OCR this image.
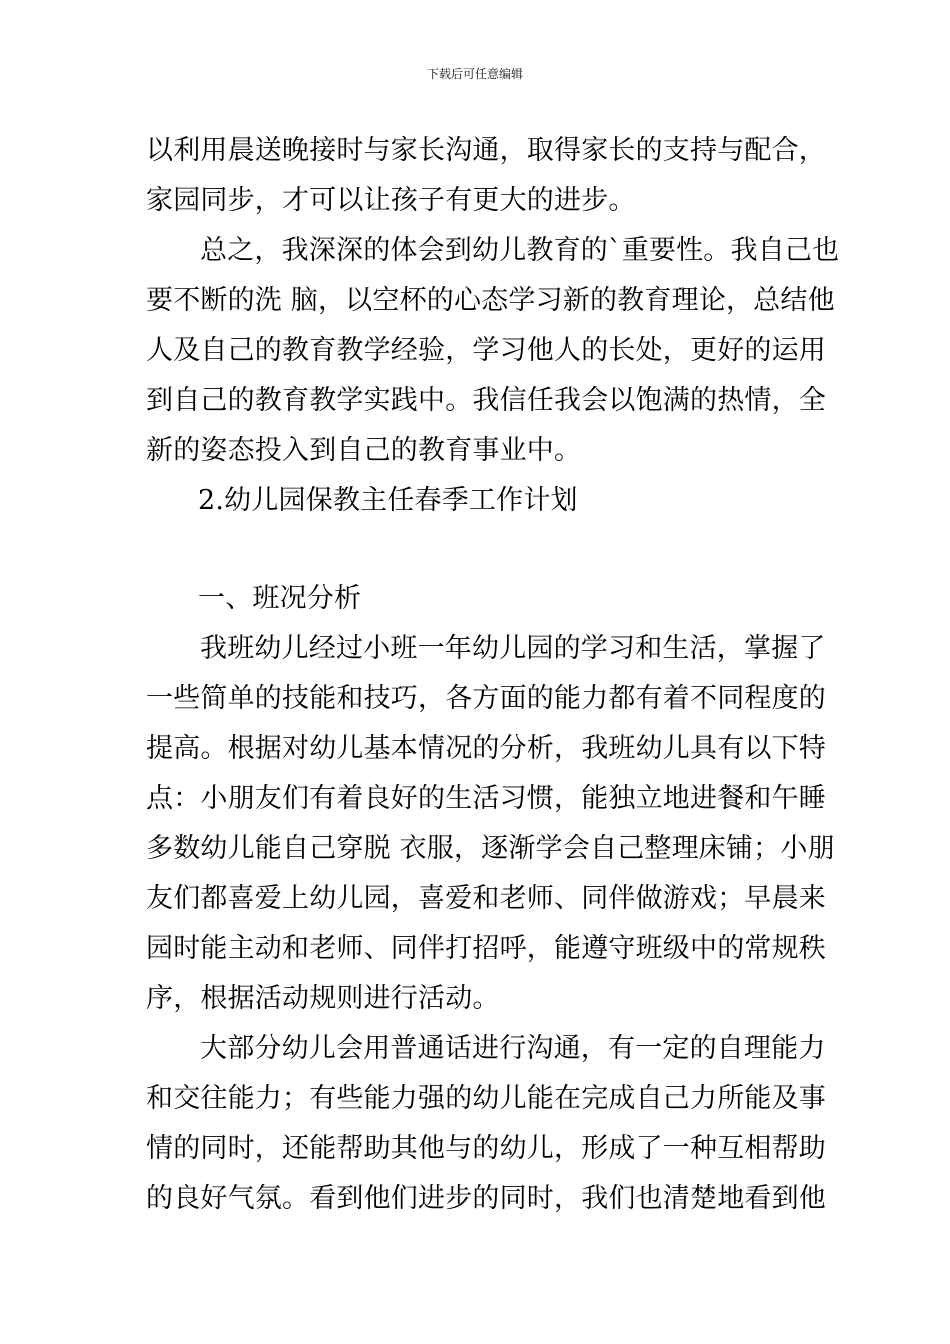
下载后可任意编辑
以利用晨送晚接时与家长沟通，取得家长的支持与配合，
家园同步，才可以让孩子有更大的进步。
总之，我深深的体会到幼儿教育的`重要性。我自己也
要不断的洗 脑，以空杯的心态学习新的教育理论，总结他
人及自己的教育教学经验，学习他人的长处，更好的运用
到自己的教育教学实践中。我信任我会以饱满的热情，全
新的姿态投入到自己的教育事业中。
2.幼儿园保教主任春季工作计划
一、班况分析
我班幼儿经过小班一年幼儿园的学习和生活，掌握了
一些简单的技能和技巧，各方面的能力都有着不同程度的
提高。根据对幼儿基本情况的分析，我班幼儿具有以下特
点：小朋友们有着良好的生活习惯，能独立地进餐和午睡
多数幼儿能自己穿脱 衣服，逐渐学会自己整理床铺；小朋
友们都喜爱上幼儿园，喜爱和老师、同伴做游戏；早晨来
园时能主动和老师、同伴打招呼，能遵守班级中的常规秩
序，根据活动规则进行活动。
大部分幼儿会用普通话进行沟通，有一定的自理能力
和交往能力；有些能力强的幼儿能在完成自己力所能及事
情的同时，还能帮助其他与的幼儿，形成了一种互相帮助
的良好气氛。看到他们进步的同时，我们也清楚地看到他
